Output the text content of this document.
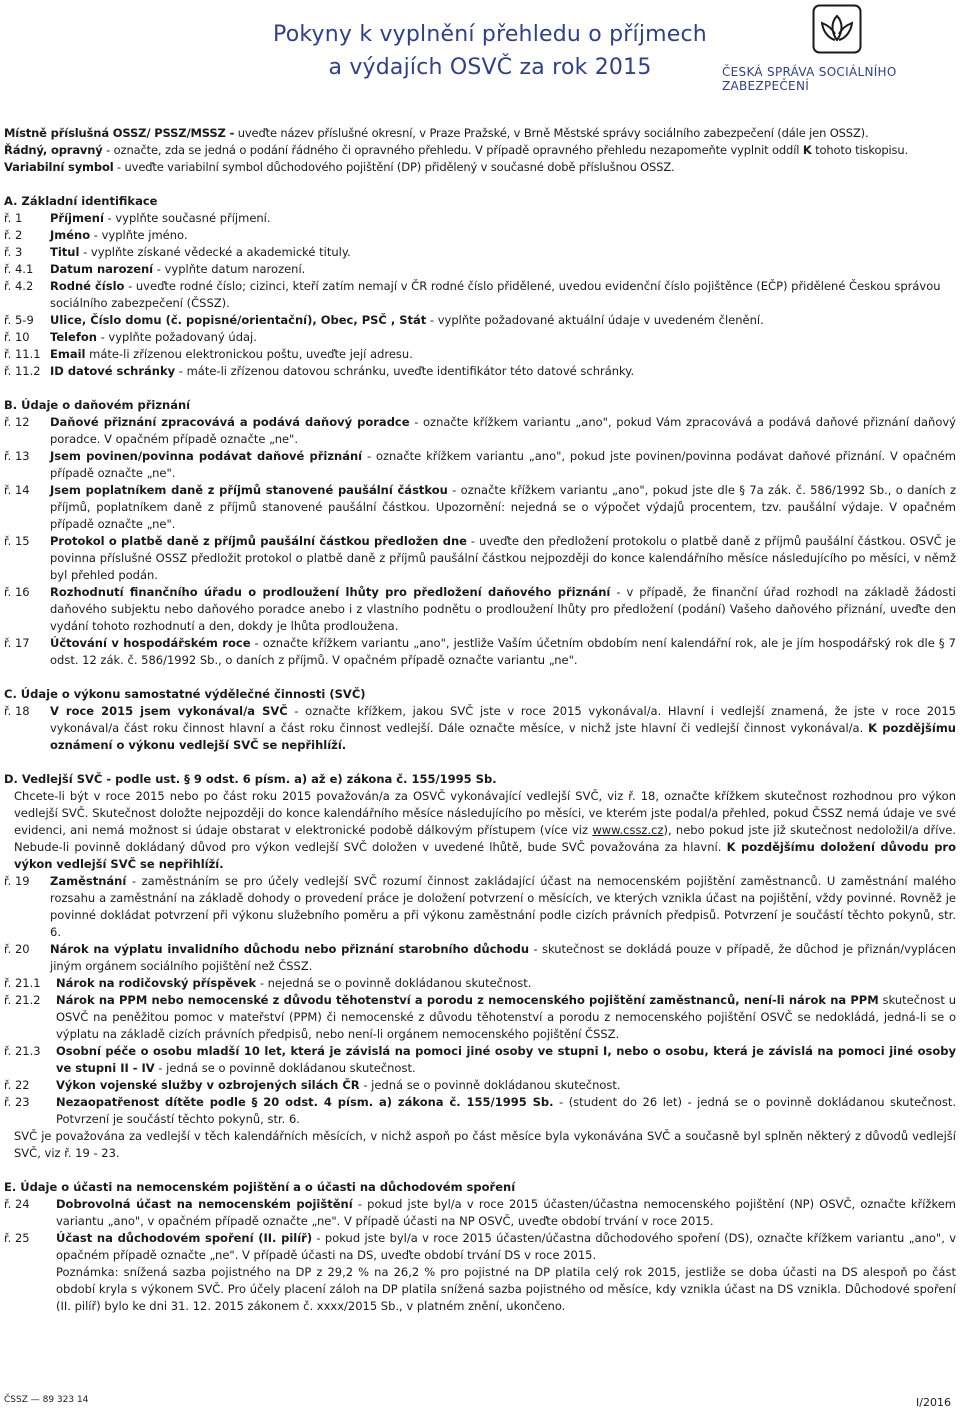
Pokyny k vyplnění přehledu o příjmech
a výdajích OSVČ za rok 2015	ČESKÁ SPRÁVA SOCIÁLNÍHO ZABEZPEČENÍ
Místně příslušná OSSZ/ PSSZ/MSSZ - uveďte název příslušné okresní, v Praze Pražské, v Brně Městské správy sociálního zabezpečení (dále jen OSSZ).
Řádný, opravný - označte, zda se jedná o podání řádného či opravného přehledu. V případě opravného přehledu nezapomeňte vyplnit oddíl K tohoto tiskopisu.
Variabilní symbol - uveďte variabilní symbol důchodového pojištění (DP) přidělený v současné době příslušnou OSSZ.
A. Základní identifikace
ř. 1	Příjmení - vyplňte současné příjmení.
ř. 2	Jméno - vyplňte jméno.
ř. 3	Titul - vyplňte získané vědecké a akademické tituly.
ř. 4.1	Datum narození - vyplňte datum narození.
ř. 4.2	Rodné číslo - uveďte rodné číslo; cizinci, kteří zatím nemají v ČR rodné číslo přidělené, uvedou evidenční číslo pojištěnce (EČP) přidělené Českou správou sociálního zabezpečení (ČSSZ).
ř. 5-9	Ulice, Číslo domu (č. popisné/orientační), Obec, PSČ , Stát - vyplňte požadované aktuální údaje v uvedeném členění.
ř. 10	Telefon - vyplňte požadovaný údaj.
ř. 11.1 Email máte-li zřízenou elektronickou poštu, uveďte její adresu.
ř. 11.2 ID datové schránky - máte-li zřízenou datovou schránku, uveďte identifikátor této datové schránky.
B. Údaje o daňovém přiznání
ř. 12	Daňové přiznání zpracovává a podává daňový poradce - označte křížkem variantu „ano", pokud Vám zpracovává a podává daňové přiznání daňový poradce. V opačném případě označte „ne".
ř. 13	Jsem povinen/povinna podávat daňové přiznání - označte křížkem variantu „ano", pokud jste povinen/povinna podávat daňové přiznání. V opačném případě označte „ne".
ř. 14	Jsem poplatníkem daně z příjmů stanovené paušální částkou - označte křížkem variantu „ano", pokud jste dle § 7a zák. č. 586/1992 Sb., o daních z příjmů, poplatníkem daně z příjmů stanovené paušální částkou. Upozornění: nejedná se o výpočet výdajů procentem, tzv. paušální výdaje. V opačném případě označte „ne".
ř. 15	Protokol o platbě daně z příjmů paušální částkou předložen dne - uveďte den předložení protokolu o platbě daně z příjmů paušální částkou. OSVČ je povinna příslušné OSSZ předložit protokol o platbě daně z příjmů paušální částkou nejpozději do konce kalendářního měsíce následujícího po měsíci, v němž byl přehled podán.
ř. 16	Rozhodnutí finančního úřadu o prodloužení lhůty pro předložení daňového přiznání - v případě, že finanční úřad rozhodl na základě žádosti daňového subjektu nebo daňového poradce anebo i z vlastního podnětu o prodloužení lhůty pro předložení (podání) Vašeho daňového přiznání, uveďte den vydání tohoto rozhodnutí a den, dokdy je lhůta prodloužena.
ř. 17	Účtování v hospodářském roce - označte křížkem variantu „ano", jestliže Vaším účetním obdobím není kalendářní rok, ale je jím hospodářský rok dle § 7 odst. 12 zák. č. 586/1992 Sb., o daních z příjmů. V opačném případě označte variantu „ne".
C. Údaje o výkonu samostatné výdělečné činnosti (SVČ)
ř. 18	V roce 2015 jsem vykonával/a SVČ - označte křížkem, jakou SVČ jste v roce 2015 vykonával/a. Hlavní i vedlejší znamená, že jste v roce 2015 vykonával/a část roku činnost hlavní a část roku činnost vedlejší. Dále označte měsíce, v nichž jste hlavní či vedlejší činnost vykonával/a. K pozdějšímu oznámení o výkonu vedlejší SVČ se nepřihlíží.
D. Vedlejší SVČ - podle ust. § 9 odst. 6 písm. a) až e) zákona č. 155/1995 Sb.
Chcete-li být v roce 2015 nebo po část roku 2015 považován/a za OSVČ vykonávající vedlejší SVČ, viz ř. 18, označte křížkem skutečnost rozhodnou pro výkon vedlejší SVČ. Skutečnost doložte nejpozději do konce kalendářního měsíce následujícího po měsíci, ve kterém jste podal/a přehled, pokud ČSSZ nemá údaje ve své evidenci, ani nemá možnost si údaje obstarat v elektronické podobě dálkovým přístupem (více viz www.cssz.cz), nebo pokud jste již skutečnost nedoložil/a dříve. Nebude-li povinně dokládaný důvod pro výkon vedlejší SVČ doložen v uvedené lhůtě, bude SVČ považována za hlavní. K pozdějšímu doložení důvodu pro výkon vedlejší SVČ se nepřihlíží.
ř. 19	Zaměstnání - zaměstnáním se pro účely vedlejší SVČ rozumí činnost zakládající účast na nemocenském pojištění zaměstnanců. U zaměstnání malého rozsahu a zaměstnání na základě dohody o provedení práce je doložení potvrzení o měsících, ve kterých vznikla účast na pojištění, vždy povinné. Rovněž je povinné dokládat potvrzení při výkonu služebního poměru a při výkonu zaměstnání podle cizích právních předpisů. Potvrzení je součástí těchto pokynů, str. 6.
ř. 20	Nárok na výplatu invalidního důchodu nebo přiznání starobního důchodu - skutečnost se dokládá pouze v případě, že důchod je přiznán/vyplácen jiným orgánem sociálního pojištění než ČSSZ.
ř. 21.1	Nárok na rodičovský příspěvek - nejedná se o povinně dokládanou skutečnost.
ř. 21.2	Nárok na PPM nebo nemocenské z důvodu těhotenství a porodu z nemocenského pojištění zaměstnanců, není-li nárok na PPM skutečnost u OSVČ na peněžitou pomoc v mateřství (PPM) či nemocenské z důvodu těhotenství a porodu z nemocenského pojištění OSVČ se nedokládá, jedná-li se o výplatu na základě cizích právních předpisů, nebo není-li orgánem nemocenského pojištění ČSSZ.
ř. 21.3	Osobní péče o osobu mladší 10 let, která je závislá na pomoci jiné osoby ve stupni I, nebo o osobu, která je závislá na pomoci jiné osoby ve stupni II - IV - jedná se o povinně dokládanou skutečnost.
ř. 22	Výkon vojenské služby v ozbrojených silách ČR - jedná se o povinně dokládanou skutečnost.
ř. 23	Nezaopatřenost dítěte podle § 20 odst. 4 písm. a) zákona č. 155/1995 Sb. - (student do 26 let) - jedná se o povinně dokládanou skutečnost. Potvrzení je součástí těchto pokynů, str. 6.
SVČ je považována za vedlejší v těch kalendářních měsících, v nichž aspoň po část měsíce byla vykonávána SVČ a současně byl splněn některý z důvodů vedlejší SVČ, viz ř. 19 - 23.
E. Údaje o účasti na nemocenském pojištění a o účasti na důchodovém spoření
ř. 24	Dobrovolná účast na nemocenském pojištění - pokud jste byl/a v roce 2015 účasten/účastna nemocenského pojištění (NP) OSVČ, označte křížkem variantu „ano", v opačném případě označte „ne". V případě účasti na NP OSVČ, uveďte období trvání v roce 2015.
ř. 25	Účast na důchodovém spoření (II. pilíř) - pokud jste byl/a v roce 2015 účasten/účastna důchodového spoření (DS), označte křížkem variantu „ano", v opačném případě označte „ne". V případě účasti na DS, uveďte období trvání DS v roce 2015.
Poznámka: snížená sazba pojistného na DP z 29,2 % na 26,2 % pro pojistné na DP platila celý rok 2015, jestliže se doba účasti na DS alespoň po část období kryla s výkonem SVČ. Pro účely placení záloh na DP platila snížená sazba pojistného od měsíce, kdy vznikla účast na DS vznikla. Důchodové spoření (II. pilíř) bylo ke dni 31. 12. 2015 zákonem č. xxxx/2015 Sb., v platném znění, ukončeno.
ČSSZ — 89 323 14	I/2016
